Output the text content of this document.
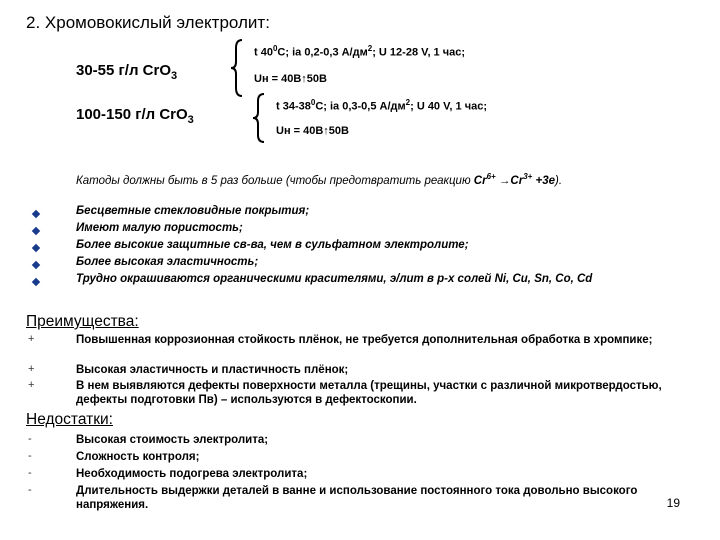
2. Хромовокислый электролит:
30-55 г/л CrO$_3$
100-150 г/л CrO$_3$
t $40^0С$; iа 0,2-0,3 $А/дм^2$; U 12-28 V, 1 час;
Uн = 40В↑50В
t $34-38^0С$; iа 0,3-0,5 $А/дм^2$; U 40 V, 1 час;
Uн = 40В↑50В
Катоды должны быть в 5 раз больше (чтобы предотвратить реакцию $Cr^{6+} \to Cr^{3+} +3е$).
Бесцветные стекловидные покрытия;
Имеют малую пористость;
Более высокие защитные св-ва, чем в сульфатном электролите;
Более высокая эластичность;
Трудно окрашиваются органическими красителями, э/лит в р-х солей Ni, Cu, Sn, Co, Cd
Преимущества:
+	Повышенная коррозионная стойкость плёнок, не требуется дополнительная обработка в хромпике;
+	Высокая эластичность и пластичность плёнок;
+	В нем выявляются дефекты поверхности металла (трещины, участки с различной микротвердостью, дефекты подготовки Пв) – используются в дефектоскопии.
Недостатки:
-	Высокая стоимость электролита;
-	Сложность контроля;
-	Необходимость подогрева электролита;
-	Длительность выдержки деталей в ванне и использование постоянного тока довольно высокого напряжения.	19
